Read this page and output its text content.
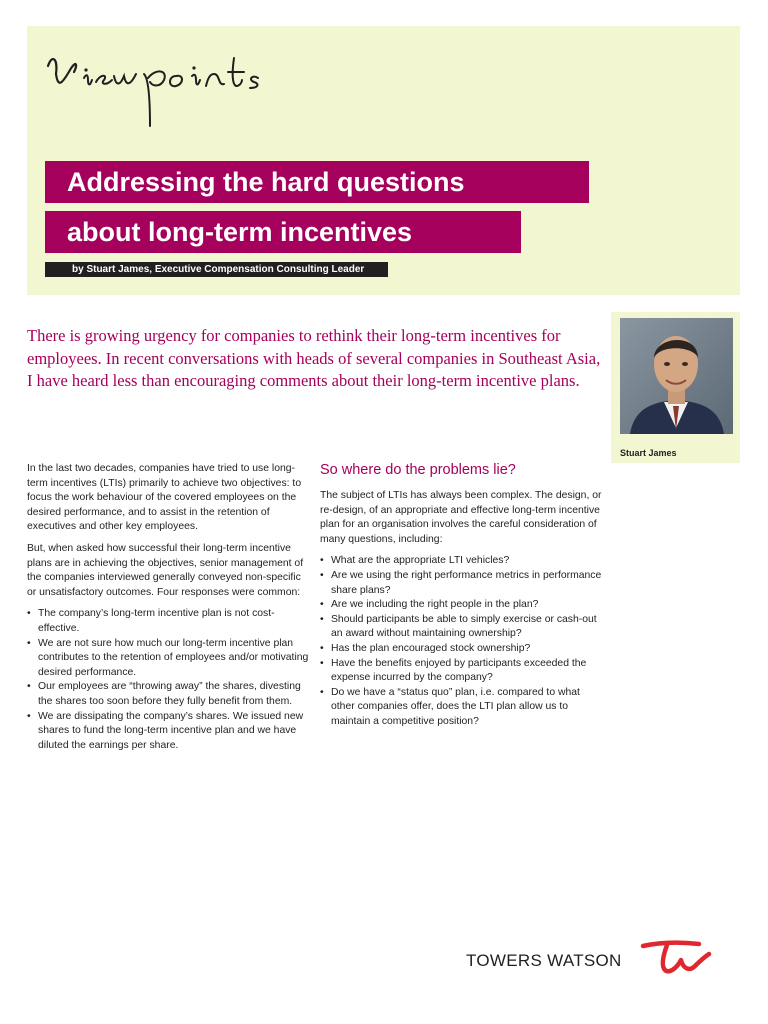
Addressing the hard questions
about long-term incentives
by Stuart James, Executive Compensation Consulting Leader

There is growing urgency for companies to rethink their long-term incentives for employees. In recent conversations with heads of several companies in Southeast Asia, I have heard less than encouraging comments about their long-term incentive plans.

Stuart James

In the last two decades, companies have tried to use long-term incentives (LTIs) primarily to achieve two objectives: to focus the work behaviour of the covered employees on the desired performance, and to assist in the retention of executives and other key employees.

But, when asked how successful their long-term incentive plans are in achieving the objectives, senior management of the companies interviewed generally conveyed non-specific or unsatisfactory outcomes. Four responses were common:

• The company’s long-term incentive plan is not cost-effective.
• We are not sure how much our long-term incentive plan contributes to the retention of employees and/or motivating desired performance.
• Our employees are “throwing away” the shares, divesting the shares too soon before they fully benefit from them.
• We are dissipating the company’s shares. We issued new shares to fund the long-term incentive plan and we have diluted the earnings per share.
So where do the problems lie?

The subject of LTIs has always been complex. The design, or re-design, of an appropriate and effective long-term incentive plan for an organisation involves the careful consideration of many questions, including:

• What are the appropriate LTI vehicles?
• Are we using the right performance metrics in performance share plans?
• Are we including the right people in the plan?
• Should participants be able to simply exercise or cash-out an award without maintaining ownership?
• Has the plan encouraged stock ownership?
• Have the benefits enjoyed by participants exceeded the expense incurred by the company?
• Do we have a “status quo” plan, i.e. compared to what other companies offer, does the LTI plan allow us to maintain a competitive position?
TOWERS WATSON
